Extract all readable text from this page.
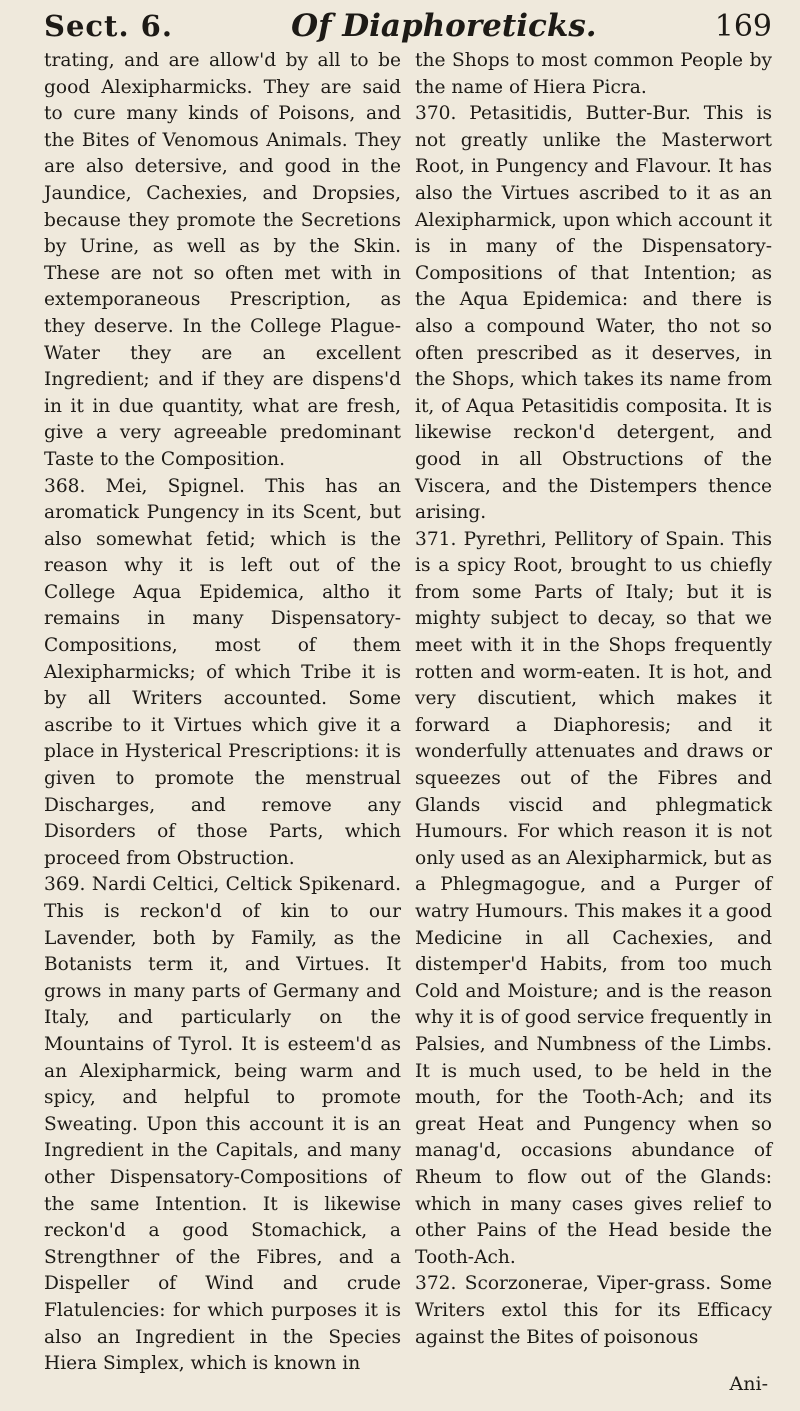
Sect. 6.	Of Diaphoreticks.	169

trating, and are allow'd by all to be good Alexipharmicks. They are said to cure many kinds of Poisons, and the Bites of Venomous Animals. They are also detersive, and good in the Jaundice, Cachexies, and Dropsies, because they promote the Secretions by Urine, as well as by the Skin. These are not so often met with in extemporaneous Prescription, as they deserve. In the College Plague-Water they are an excellent Ingredient; and if they are dispens'd in it in due quantity, what are fresh, give a very agreeable predominant Taste to the Composition.

368. Mei, Spignel. This has an aromatick Pungency in its Scent, but also somewhat fetid; which is the reason why it is left out of the College Aqua Epidemica, altho it remains in many Dispensatory-Compositions, most of them Alexipharmicks; of which Tribe it is by all Writers accounted. Some ascribe to it Virtues which give it a place in Hysterical Prescriptions: it is given to promote the menstrual Discharges, and remove any Disorders of those Parts, which proceed from Obstruction.

369. Nardi Celtici, Celtick Spikenard. This is reckon'd of kin to our Lavender, both by Family, as the Botanists term it, and Virtues. It grows in many parts of Germany and Italy, and particularly on the Mountains of Tyrol. It is esteem'd as an Alexipharmick, being warm and spicy, and helpful to promote Sweating. Upon this account it is an Ingredient in the Capitals, and many other Dispensatory-Compositions of the same Intention. It is likewise reckon'd a good Stomachick, a Strengthner of the Fibres, and a Dispeller of Wind and crude Flatulencies: for which purposes it is also an Ingredient in the Species Hiera Simplex, which is known in

the Shops to most common People by the name of Hiera Picra.

370. Petasitidis, Butter-Bur. This is not greatly unlike the Masterwort Root, in Pungency and Flavour. It has also the Virtues ascribed to it as an Alexipharmick, upon which account it is in many of the Dispensatory-Compositions of that Intention; as the Aqua Epidemica: and there is also a compound Water, tho not so often prescribed as it deserves, in the Shops, which takes its name from it, of Aqua Petasitidis composita. It is likewise reckon'd detergent, and good in all Obstructions of the Viscera, and the Distempers thence arising.

371. Pyrethri, Pellitory of Spain. This is a spicy Root, brought to us chiefly from some Parts of Italy; but it is mighty subject to decay, so that we meet with it in the Shops frequently rotten and worm-eaten. It is hot, and very discutient, which makes it forward a Diaphoresis; and it wonderfully attenuates and draws or squeezes out of the Fibres and Glands viscid and phlegmatick Humours. For which reason it is not only used as an Alexipharmick, but as a Phlegmagogue, and a Purger of watry Humours. This makes it a good Medicine in all Cachexies, and distemper'd Habits, from too much Cold and Moisture; and is the reason why it is of good service frequently in Palsies, and Numbness of the Limbs. It is much used, to be held in the mouth, for the Tooth-Ach; and its great Heat and Pungency when so manag'd, occasions abundance of Rheum to flow out of the Glands: which in many cases gives relief to other Pains of the Head beside the Tooth-Ach.

372. Scorzonerae, Viper-grass. Some Writers extol this for its Efficacy against the Bites of poisonous

Ani-
